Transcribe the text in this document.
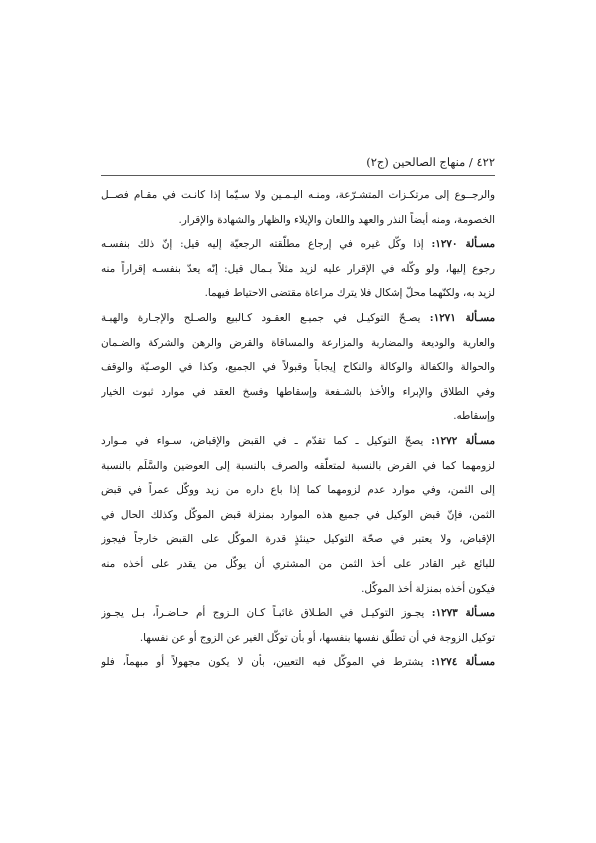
٤٢٢ / منهاج الصالحين (ج٢)
والرجــوع إلى مرتكـزات المتشـرّعة، ومنـه اليـمـين ولا سـيّما إذا كانـت في مقـام فصــل
الخصومة، ومنه أيضاً النذر والعهد واللعان والإيلاء والظهار والشهادة والإقرار.
مسـألة ١٢٧٠: إذا وكّل غيره في إرجاع مطلّقته الرجعيّة إليه قيل: إنّ ذلك بنفسـه
رجوع إليها، ولو وكّله في الإقرار عليه لزيد مثلاً بـمال قيل: إنّه يعدّ بنفسـه إقراراً منه
لزيد به، ولكنّهما محلّ إشكال فلا يترك مراعاة مقتضى الاحتياط فيهما.
مسـألة ١٢٧١: يصـحّ التوكيـل في جميـع العقـود كـالبيع والصـلح والإجـارة والهبـة
والعارية والوديعة والمضاربة والمزارعة والمساقاة والقرض والرهن والشركة والضـمان
والحوالة والكفالة والوكالة والنكاح إيجاباً وقبولاً في الجميع، وكذا في الوصـيّة والوقف
وفي الطلاق والإبراء والأخذ بالشـفعة وإسقاطها وفسخ العقد في موارد ثبوت الخيار
وإسقاطه.
مسـألة ١٢٧٢: يصحّ التوكيل ـ كما تقدّم ـ في القبض والإقباض، سـواء في مـوارد
لزومهما كما في القرض بالنسبة لمتعلّقه والصرف بالنسبة إلى العوضين والسَّلَم بالنسبة
إلى الثمن، وفي موارد عدم لزومهما كما إذا باع داره من زيد ووكّل عمراً في قبض
الثمن، فإنّ قبض الوكيل في جميع هذه الموارد بمنزلة قبض الموكّل وكذلك الحال في
الإقباض، ولا يعتبر في صحّة التوكيل حينئذٍ قدرة الموكّل على القبض خارجاً فيجوز
للبائع غير القادر على أخذ الثمن من المشتري أن يوكّل من يقدر على أخذه منه
فيكون أخذه بمنزلة أخذ الموكّل.
مسـألة ١٢٧٣: يجـوز التوكيـل في الطـلاق غائبـاً كـان الـزوج أم حـاضـراً، بـل يجـوز
توكيل الزوجة في أن تطلّق نفسها بنفسها، أو بأن توكّل الغير عن الزوج أو عن نفسها.
مسـألة ١٢٧٤: يشترط في الموكّل فيه التعيين، بأن لا يكون مجهولاً أو مبهماً، فلو
